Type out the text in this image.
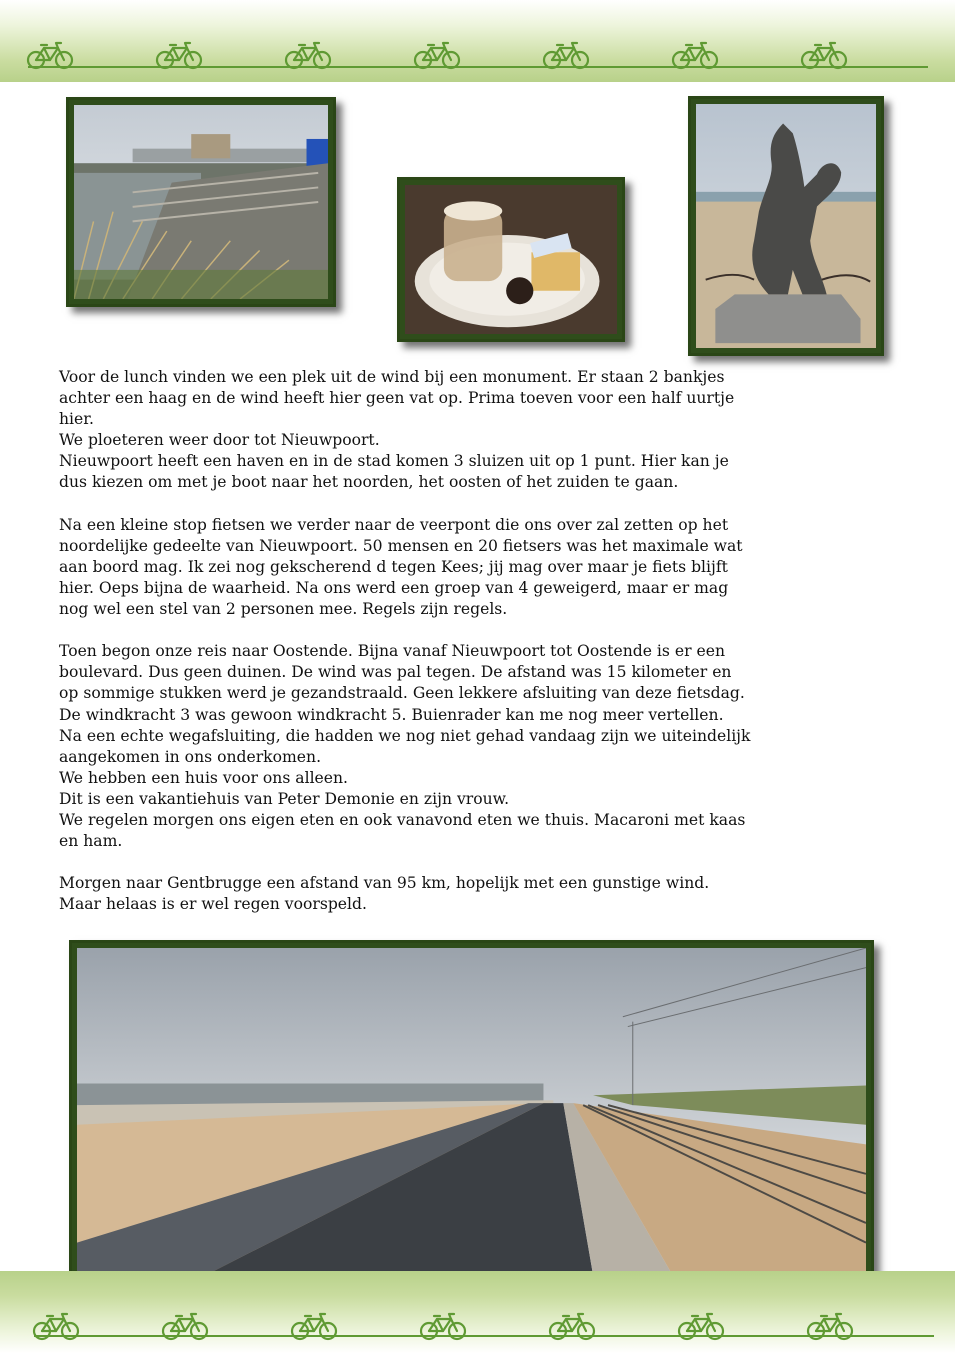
Voor de lunch vinden we een plek uit de wind bij een monument. Er staan 2 bankjes
achter een haag en de wind heeft hier geen vat op. Prima toeven voor een half uurtje
hier.
We ploeteren weer door tot Nieuwpoort.
Nieuwpoort heeft een haven en in de stad komen 3 sluizen uit op 1 punt. Hier kan je
dus kiezen om met je boot naar het noorden, het oosten of het zuiden te gaan.

Na een kleine stop fietsen we verder naar de veerpont die ons over zal zetten op het
noordelijke gedeelte van Nieuwpoort. 50 mensen en 20 fietsers was het maximale wat
aan boord mag. Ik zei nog gekscherend d tegen Kees; jij mag over maar je fiets blijft
hier. Oeps bijna de waarheid. Na ons werd een groep van 4 geweigerd, maar er mag
nog wel een stel van 2 personen mee. Regels zijn regels.

Toen begon onze reis naar Oostende. Bijna vanaf Nieuwpoort tot Oostende is er een
boulevard. Dus geen duinen. De wind was pal tegen. De afstand was 15 kilometer en
op sommige stukken werd je gezandstraald. Geen lekkere afsluiting van deze fietsdag.
De windkracht 3 was gewoon windkracht 5. Buienrader kan me nog meer vertellen.
Na een echte wegafsluiting, die hadden we nog niet gehad vandaag zijn we uiteindelijk
aangekomen in ons onderkomen.
We hebben een huis voor ons alleen.
Dit is een vakantiehuis van Peter Demonie en zijn vrouw.
We regelen morgen ons eigen eten en ook vanavond eten we thuis. Macaroni met kaas
en ham.

Morgen naar Gentbrugge een afstand van 95 km, hopelijk met een gunstige wind.
Maar helaas is er wel regen voorspeld.
